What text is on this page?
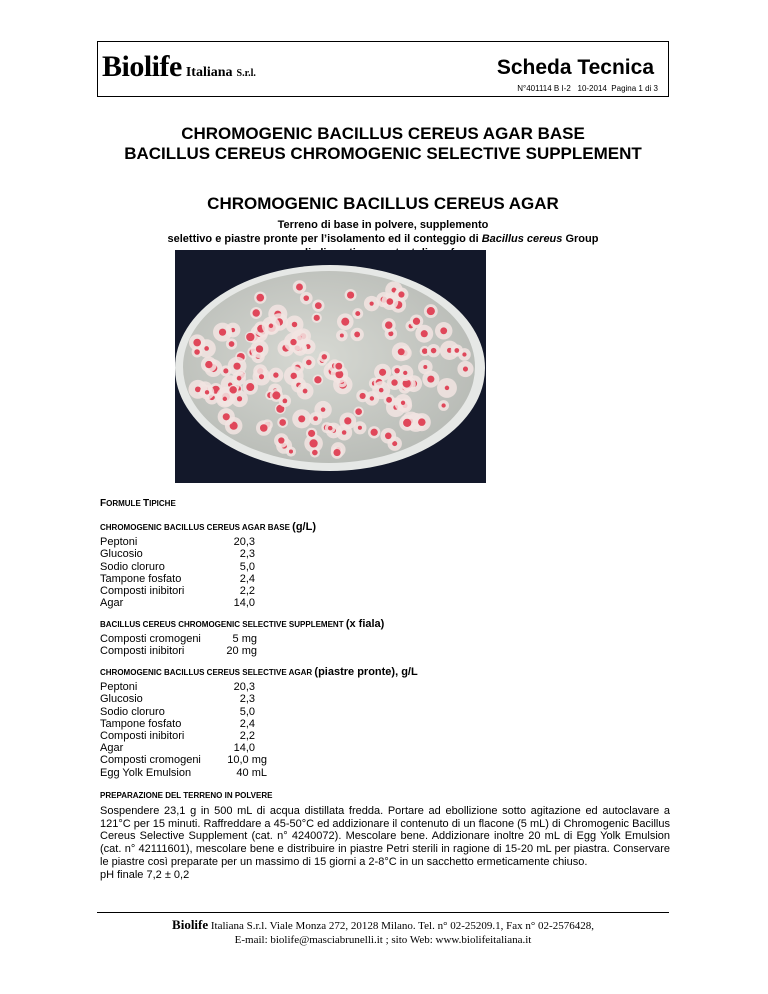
Biolife Italiana S.r.l.	Scheda Tecnica
N°401114 B I-2   10-2014  Pagina 1 di 3
CHROMOGENIC BACILLUS CEREUS AGAR BASE
BACILLUS CEREUS CHROMOGENIC SELECTIVE SUPPLEMENT
CHROMOGENIC BACILLUS CEREUS AGAR
Terreno di base in polvere, supplemento
selettivo e piastre pronte per l’isolamento ed il conteggio di Bacillus cereus Group
FORMULE TIPICHE
CHROMOGENIC BACILLUS CEREUS AGAR BASE (g/L)
Peptoni	20,3
Glucosio	2,3
Sodio cloruro	5,0
Tampone fosfato	2,4
Composti inibitori	2,2
Agar	14,0
BACILLUS CEREUS CHROMOGENIC SELECTIVE SUPPLEMENT (x fiala)
Composti cromogeni	5 mg
Composti inibitori	20 mg
CHROMOGENIC BACILLUS CEREUS SELECTIVE AGAR (piastre pronte), g/L
Peptoni	20,3
Glucosio	2,3
Sodio cloruro	5,0
Tampone fosfato	2,4
Composti inibitori	2,2
Agar	14,0
Composti cromogeni	10,0 mg
Egg Yolk Emulsion	40 mL
PREPARAZIONE DEL TERRENO IN POLVERE

Sospendere 23,1 g in 500 mL di acqua distillata fredda. Portare ad ebollizione sotto agitazione ed autoclavare a 121°C per 15 minuti. Raffreddare a 45-50°C ed addizionare il contenuto di un flacone (5 mL) di Chromogenic Bacillus Cereus Selective Supplement (cat. n° 4240072). Mescolare bene. Addizionare inoltre 20 mL di Egg Yolk Emulsion (cat. n° 42111601), mescolare bene e distribuire in piastre Petri sterili in ragione di 15-20 mL per piastra. Conservare le piastre così preparate per un massimo di 15 giorni a 2-8°C in un sacchetto ermeticamente chiuso.

pH finale 7,2 ± 0,2
Biolife Italiana S.r.l. Viale Monza 272, 20128 Milano. Tel. n° 02-25209.1, Fax n° 02-2576428,
E-mail: biolife@masciabrunelli.it ; sito Web: www.biolifeitaliana.it
